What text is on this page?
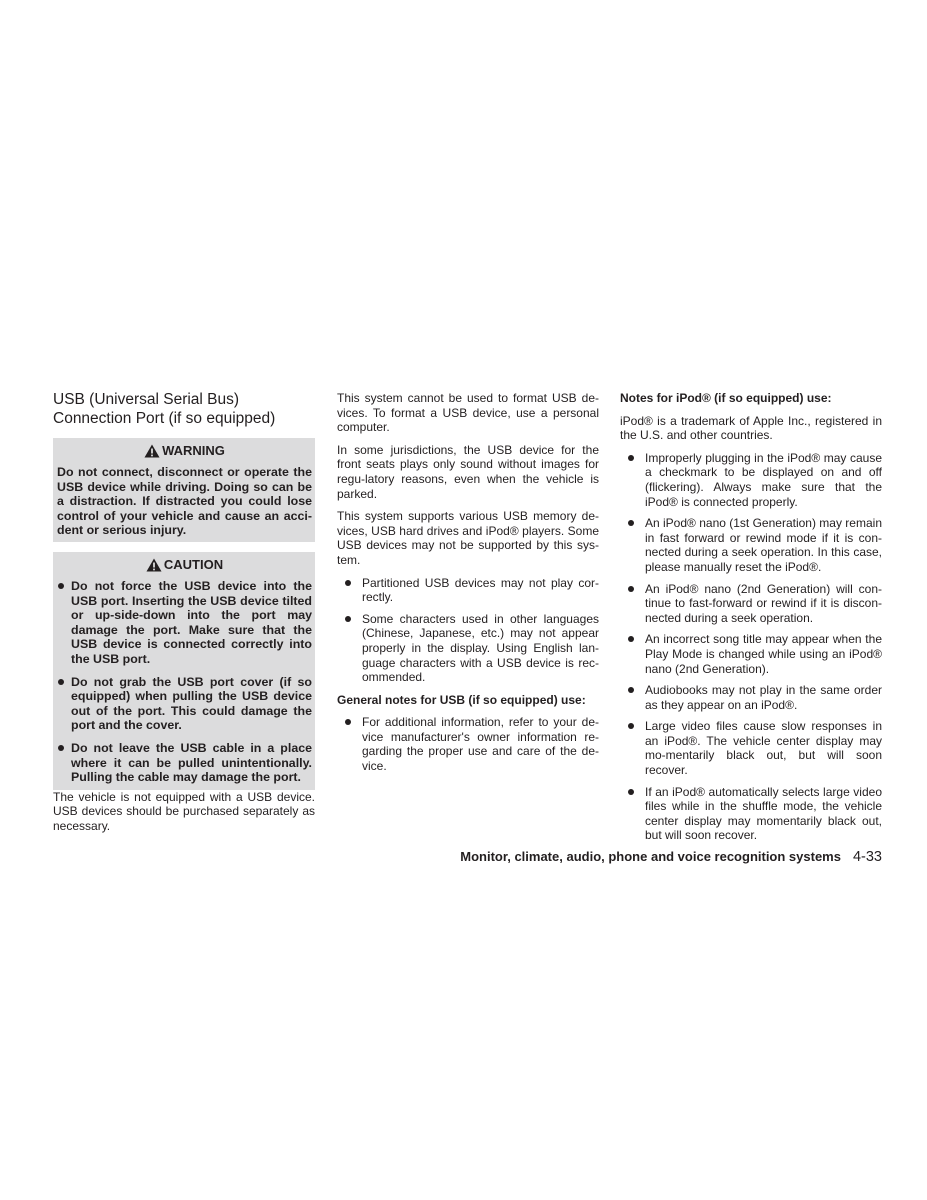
USB (Universal Serial Bus)
Connection Port (if so equipped)
WARNING

Do not connect, disconnect or operate the USB device while driving. Doing so can be a distraction. If distracted you could lose control of your vehicle and cause an acci-dent or serious injury.

CAUTION
Do not force the USB device into the USB port. Inserting the USB device tilted or up-side-down into the port may damage the port. Make sure that the USB device is connected correctly into the USB port.
Do not grab the USB port cover (if so equipped) when pulling the USB device out of the port. This could damage the port and the cover.
Do not leave the USB cable in a place where it can be pulled unintentionally. Pulling the cable may damage the port.

The vehicle is not equipped with a USB device. USB devices should be purchased separately as necessary.

This system cannot be used to format USB de-vices. To format a USB device, use a personal computer.

In some jurisdictions, the USB device for the front seats plays only sound without images for regu-latory reasons, even when the vehicle is parked.

This system supports various USB memory de-vices, USB hard drives and iPod® players. Some USB devices may not be supported by this sys-tem.

Partitioned USB devices may not play cor-rectly.
Some characters used in other languages (Chinese, Japanese, etc.) may not appear properly in the display. Using English lan-guage characters with a USB device is rec-ommended.
General notes for USB (if so equipped) use:
For additional information, refer to your de-vice manufacturer's owner information re-garding the proper use and care of the de-vice.
Notes for iPod® (if so equipped) use:

iPod® is a trademark of Apple Inc., registered in the U.S. and other countries.

Improperly plugging in the iPod® may cause a checkmark to be displayed on and off (flickering). Always make sure that the iPod® is connected properly.
An iPod® nano (1st Generation) may remain in fast forward or rewind mode if it is con-nected during a seek operation. In this case, please manually reset the iPod®.
An iPod® nano (2nd Generation) will con-tinue to fast-forward or rewind if it is discon-nected during a seek operation.
An incorrect song title may appear when the Play Mode is changed while using an iPod® nano (2nd Generation).
Audiobooks may not play in the same order as they appear on an iPod®.
Large video files cause slow responses in an iPod®. The vehicle center display may mo-mentarily black out, but will soon recover.
If an iPod® automatically selects large video files while in the shuffle mode, the vehicle center display may momentarily black out, but will soon recover.
Monitor, climate, audio, phone and voice recognition systems 4-33
